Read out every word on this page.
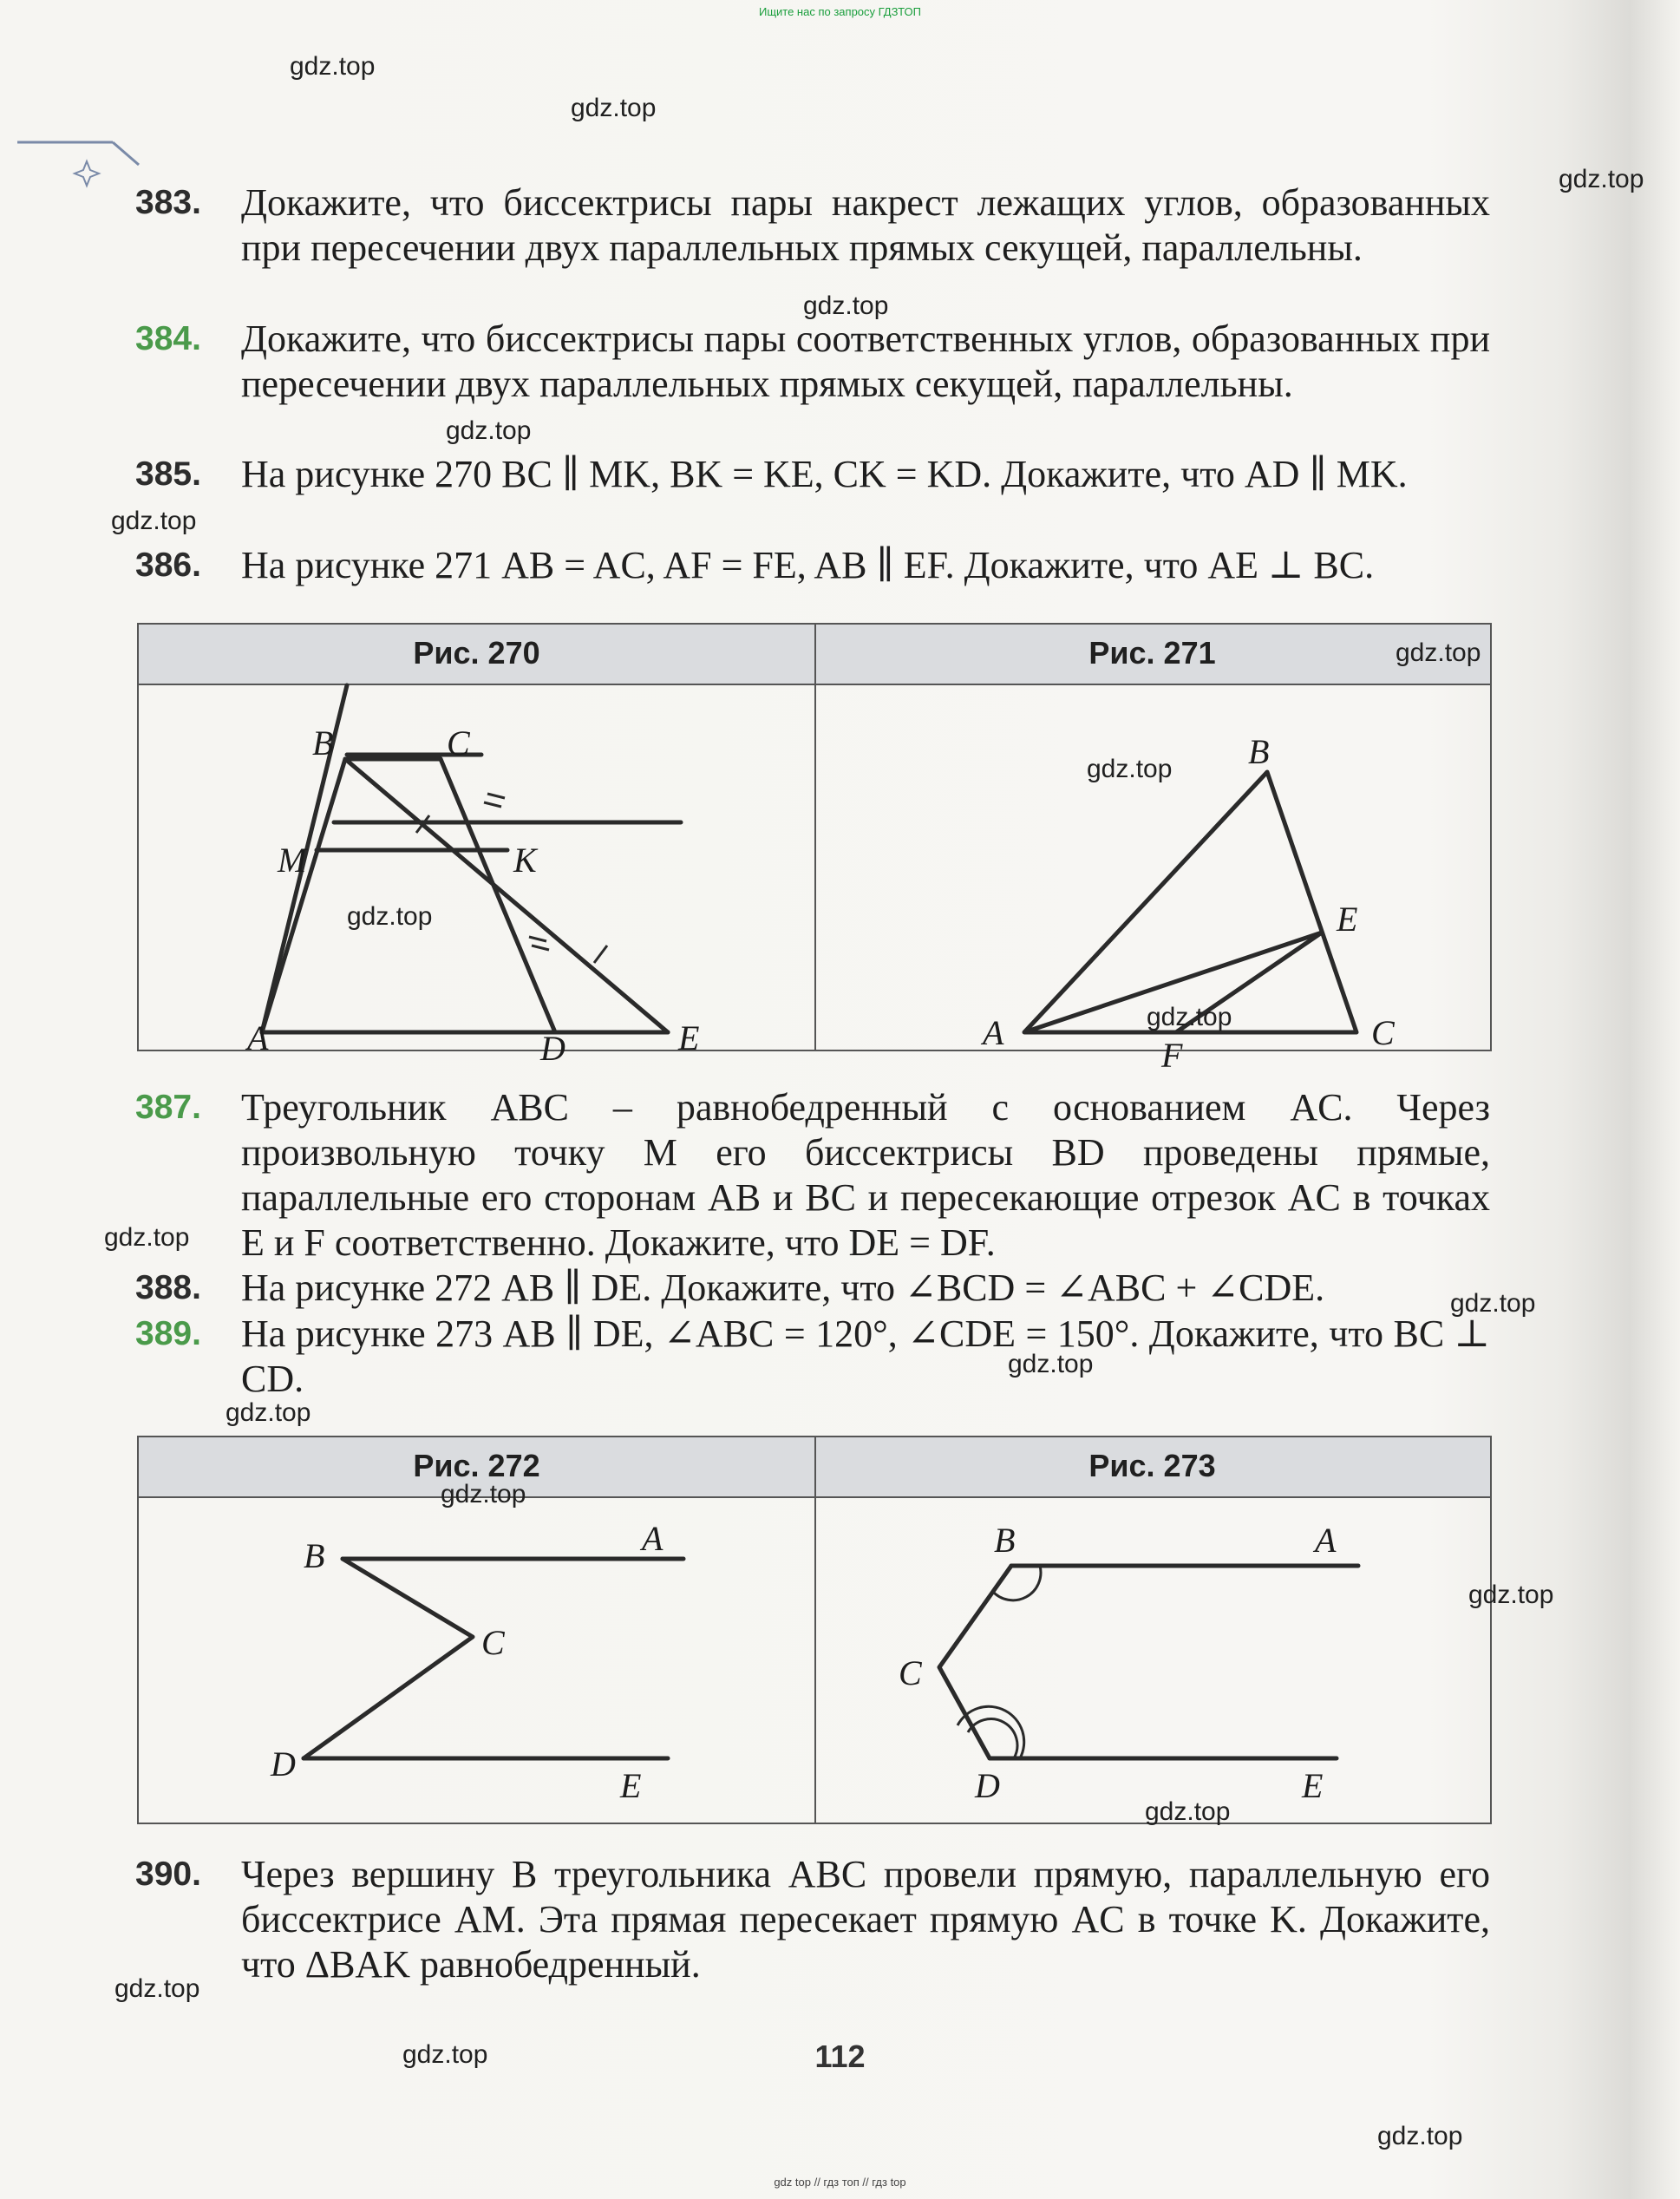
Ищите нас по запросу ГДЗТОП
383.	Докажите, что биссектрисы пары накрест лежащих углов, образованных при пересечении двух параллельных прямых секущей, параллельны.
384.	Докажите, что биссектрисы пары соответственных углов, образованных при пересечении двух параллельных прямых секущей, параллельны.
385.	На рисунке 270 BC ∥ MK, BK = KE, CK = KD. Докажите, что AD ∥ MK.
386.	На рисунке 271 AB = AC, AF = FE, AB ∥ EF. Докажите, что AE ⊥ BC.
Рис. 270	Рис. 271
B	C
M	K
A	D	E
B
E
A
F
C
387.	Треугольник ABC – равнобедренный с основанием AC. Через произвольную точку M его биссектрисы BD проведены прямые, параллельные его сторонам AB и BC и пересекающие отрезок AC в точках E и F соответственно. Докажите, что DE = DF.
388.	На рисунке 272 AB ∥ DE. Докажите, что ∠BCD = ∠ABC + ∠CDE.
389.	На рисунке 273 AB ∥ DE, ∠ABC = 120°, ∠CDE = 150°. Докажите, что BC ⊥ CD.
Рис. 272	Рис. 273
B	A
C
D
E
B	A
C
D	E
390.	Через вершину B треугольника ABC провели прямую, параллельную его биссектрисе AM. Эта прямая пересекает прямую AC в точке K. Докажите, что ΔBAK равнобедренный.
112
gdz.top
gdz.top
gdz.top
gdz.top
gdz.top
gdz.top
gdz.top
gdz.top
gdz.top
gdz.top
gdz.top
gdz.top
gdz.top
gdz.top
gdz.top
gdz.top
gdz.top
gdz.top
gdz.top
gdz.top
gdz top // гдз топ // гдз top
